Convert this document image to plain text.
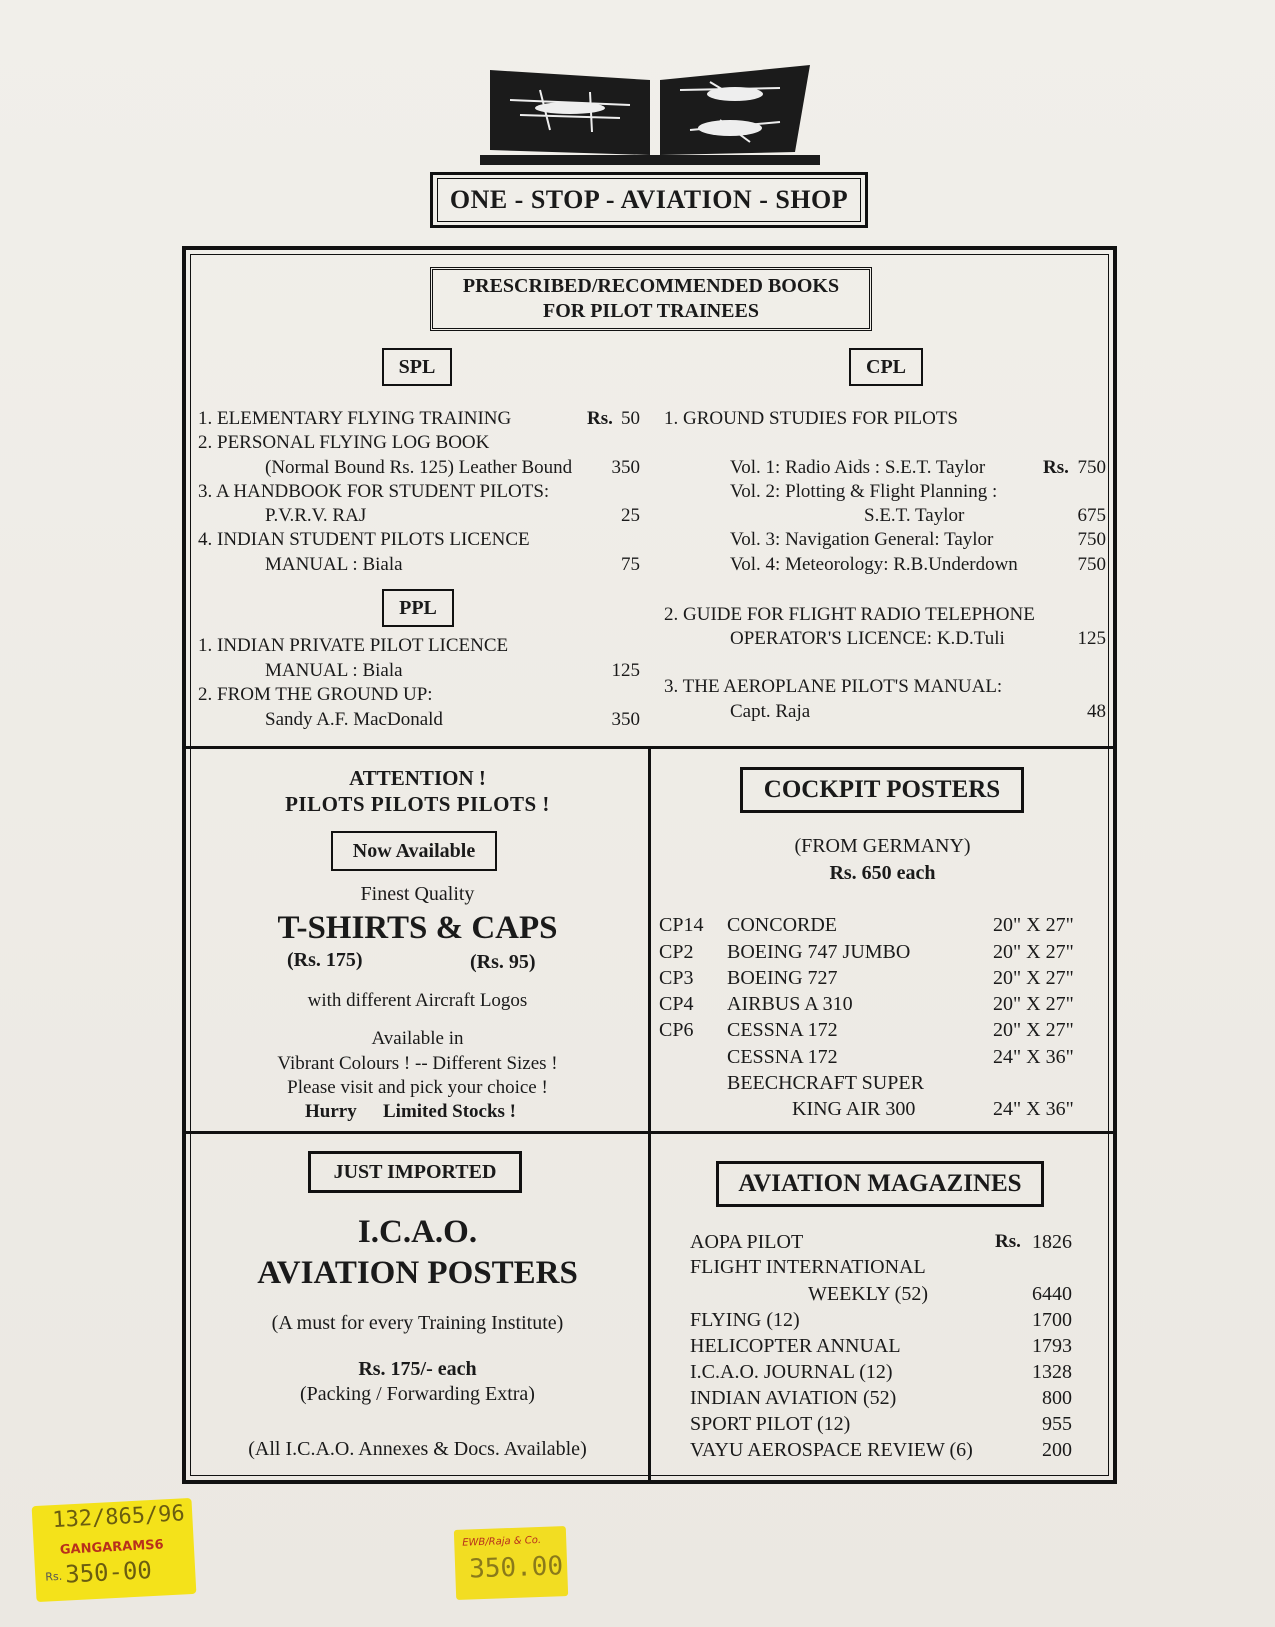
ONE - STOP - AVIATION - SHOP
PRESCRIBED/RECOMMENDED BOOKS
FOR PILOT TRAINEES
SPL	CPL
1. ELEMENTARY FLYING TRAINING	Rs. 50
2. PERSONAL FLYING LOG BOOK
(Normal Bound Rs. 125) Leather Bound	350
3. A HANDBOOK FOR STUDENT PILOTS:
P.V.R.V. RAJ	25
4. INDIAN STUDENT PILOTS LICENCE
MANUAL : Biala	75
PPL
1. INDIAN PRIVATE PILOT LICENCE
MANUAL : Biala	125
2. FROM THE GROUND UP:
Sandy A.F. MacDonald	350
1. GROUND STUDIES FOR PILOTS
Vol. 1: Radio Aids : S.E.T. Taylor	Rs. 750
Vol. 2: Plotting & Flight Planning :
S.E.T. Taylor	675
Vol. 3: Navigation General: Taylor	750
Vol. 4: Meteorology: R.B.Underdown	750
2. GUIDE FOR FLIGHT RADIO TELEPHONE
OPERATOR'S LICENCE: K.D.Tuli	125
3. THE AEROPLANE PILOT'S MANUAL:
Capt. Raja	48
ATTENTION !
PILOTS PILOTS PILOTS !
Now Available
Finest Quality
T-SHIRTS & CAPS
(Rs. 175)	(Rs. 95)
with different Aircraft Logos
Available in
Vibrant Colours ! -- Different Sizes !
Please visit and pick your choice !
Hurry Limited Stocks !
COCKPIT POSTERS
(FROM GERMANY)
Rs. 650 each
CP14 CONCORDE	20" X 27"
CP2 BOEING 747 JUMBO	20" X 27"
CP3 BOEING 727	20" X 27"
CP4 AIRBUS A 310	20" X 27"
CP6 CESSNA 172	20" X 27"
CESSNA 172	24" X 36"
BEECHCRAFT SUPER
KING AIR 300	24" X 36"
JUST IMPORTED
I.C.A.O.
AVIATION POSTERS
(A must for every Training Institute)
Rs. 175/- each
(Packing / Forwarding Extra)
(All I.C.A.O. Annexes & Docs. Available)
AVIATION MAGAZINES
Rs.
AOPA PILOT	1826
FLIGHT INTERNATIONAL
WEEKLY (52)	6440
FLYING (12)	1700
HELICOPTER ANNUAL	1793
I.C.A.O. JOURNAL (12)	1328
INDIAN AVIATION (52)	800
SPORT PILOT (12)	955
VAYU AEROSPACE REVIEW (6)	200
132/865/96
GANGARAMS6
Rs. 350-00
EWB/Raja & Co.
350.00
